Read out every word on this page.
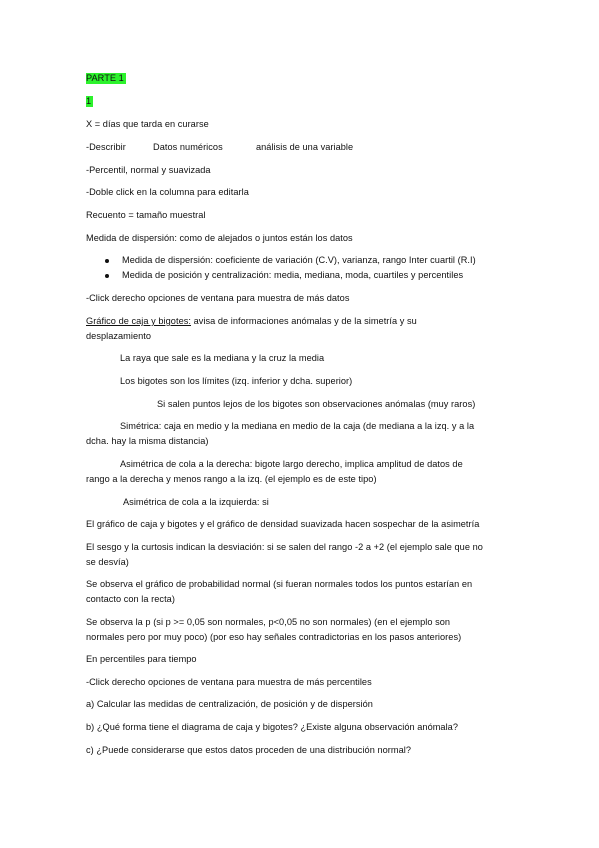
PARTE 1
1
X = días que tarda en curarse
-Describir	Datos numéricos	análisis de una variable
-Percentil, normal y suavizada
-Doble click en la columna para editarla
Recuento = tamaño muestral
Medida de dispersión: como de alejados o juntos están los datos
Medida de dispersión: coeficiente de variación (C.V), varianza, rango Inter cuartil (R.I)
Medida de posición y centralización: media, mediana, moda, cuartiles y percentiles
-Click derecho opciones de ventana para muestra de más datos
Gráfico de caja y bigotes: avisa de informaciones anómalas y de la simetría y su
desplazamiento
La raya que sale es la mediana y la cruz la media
Los bigotes son los límites (izq. inferior y dcha. superior)
Si salen puntos lejos de los bigotes son observaciones anómalas (muy raros)
Simétrica: caja en medio y la mediana en medio de la caja (de mediana a la izq. y a la
dcha. hay la misma distancia)
Asimétrica de cola a la derecha: bigote largo derecho, implica amplitud de datos de
rango a la derecha y menos rango a la izq. (el ejemplo es de este tipo)
Asimétrica de cola a la izquierda: si
El gráfico de caja y bigotes y el gráfico de densidad suavizada hacen sospechar de la asimetría
El sesgo y la curtosis indican la desviación: si se salen del rango -2 a +2 (el ejemplo sale que no
se desvía)
Se observa el gráfico de probabilidad normal (si fueran normales todos los puntos estarían en
contacto con la recta)
Se observa la p (si p >= 0,05 son normales, p<0,05 no son normales) (en el ejemplo son
normales pero por muy poco) (por eso hay señales contradictorias en los pasos anteriores)
En percentiles para tiempo
-Click derecho opciones de ventana para muestra de más percentiles
a) Calcular las medidas de centralización, de posición y de dispersión
b) ¿Qué forma tiene el diagrama de caja y bigotes? ¿Existe alguna observación anómala?
c) ¿Puede considerarse que estos datos proceden de una distribución normal?
